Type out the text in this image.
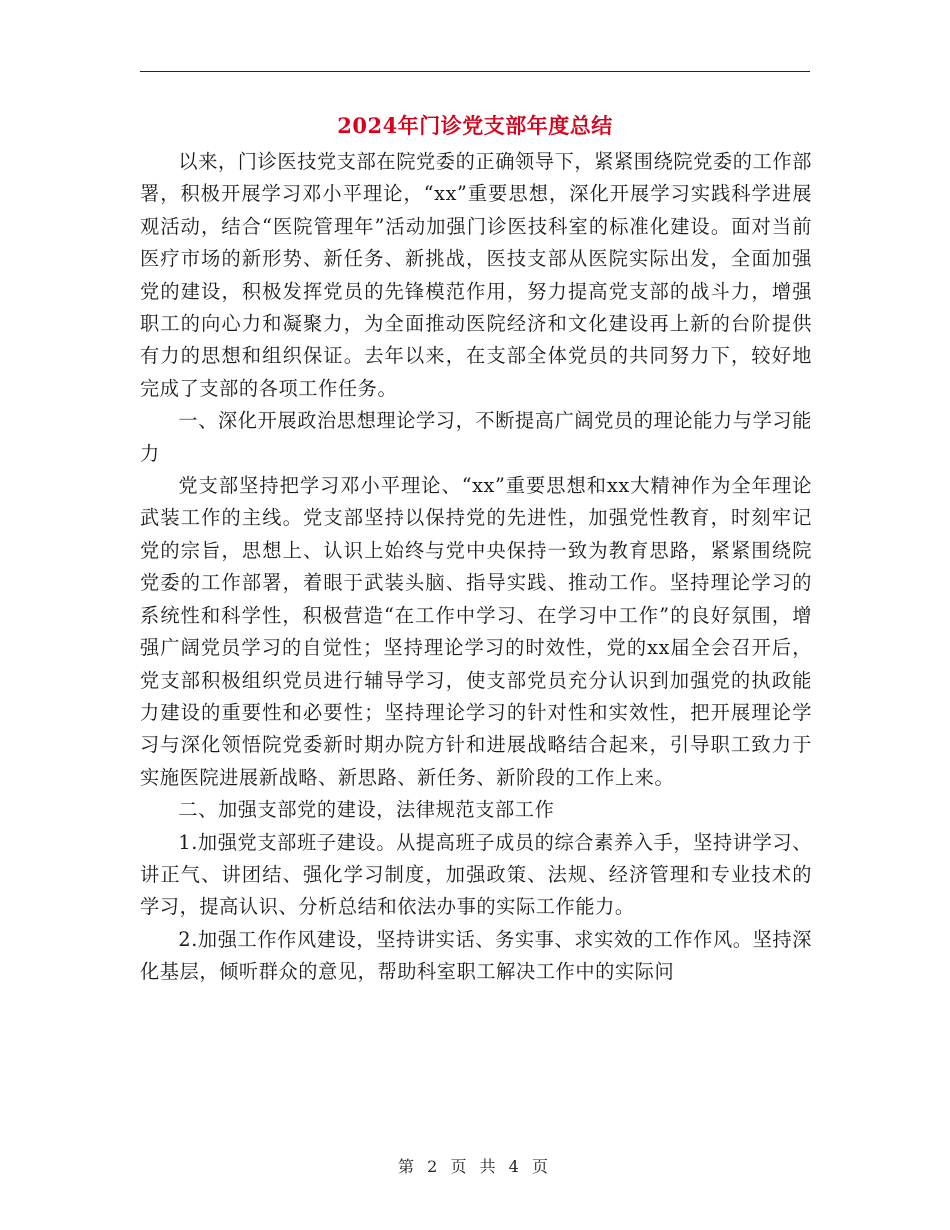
2024年门诊党支部年度总结

以来，门诊医技党支部在院党委的正确领导下，紧紧围绕院党委的工作部署，积极开展学习邓小平理论，“xx”重要思想，深化开展学习实践科学进展观活动，结合“医院管理年”活动加强门诊医技科室的标准化建设。面对当前医疗市场的新形势、新任务、新挑战，医技支部从医院实际出发，全面加强党的建设，积极发挥党员的先锋模范作用，努力提高党支部的战斗力，增强职工的向心力和凝聚力，为全面推动医院经济和文化建设再上新的台阶提供有力的思想和组织保证。去年以来，在支部全体党员的共同努力下，较好地完成了支部的各项工作任务。

一、深化开展政治思想理论学习，不断提高广阔党员的理论能力与学习能力

党支部坚持把学习邓小平理论、“xx”重要思想和xx大精神作为全年理论武装工作的主线。党支部坚持以保持党的先进性，加强党性教育，时刻牢记党的宗旨，思想上、认识上始终与党中央保持一致为教育思路，紧紧围绕院党委的工作部署，着眼于武装头脑、指导实践、推动工作。坚持理论学习的系统性和科学性，积极营造“在工作中学习、在学习中工作”的良好氛围，增强广阔党员学习的自觉性；坚持理论学习的时效性，党的xx届全会召开后，党支部积极组织党员进行辅导学习，使支部党员充分认识到加强党的执政能力建设的重要性和必要性；坚持理论学习的针对性和实效性，把开展理论学习与深化领悟院党委新时期办院方针和进展战略结合起来，引导职工致力于实施医院进展新战略、新思路、新任务、新阶段的工作上来。

二、加强支部党的建设，法律规范支部工作

1.加强党支部班子建设。从提高班子成员的综合素养入手，坚持讲学习、讲正气、讲团结、强化学习制度，加强政策、法规、经济管理和专业技术的学习，提高认识、分析总结和依法办事的实际工作能力。

2.加强工作作风建设，坚持讲实话、务实事、求实效的工作作风。坚持深化基层，倾听群众的意见，帮助科室职工解决工作中的实际问

第 2 页 共 4 页
